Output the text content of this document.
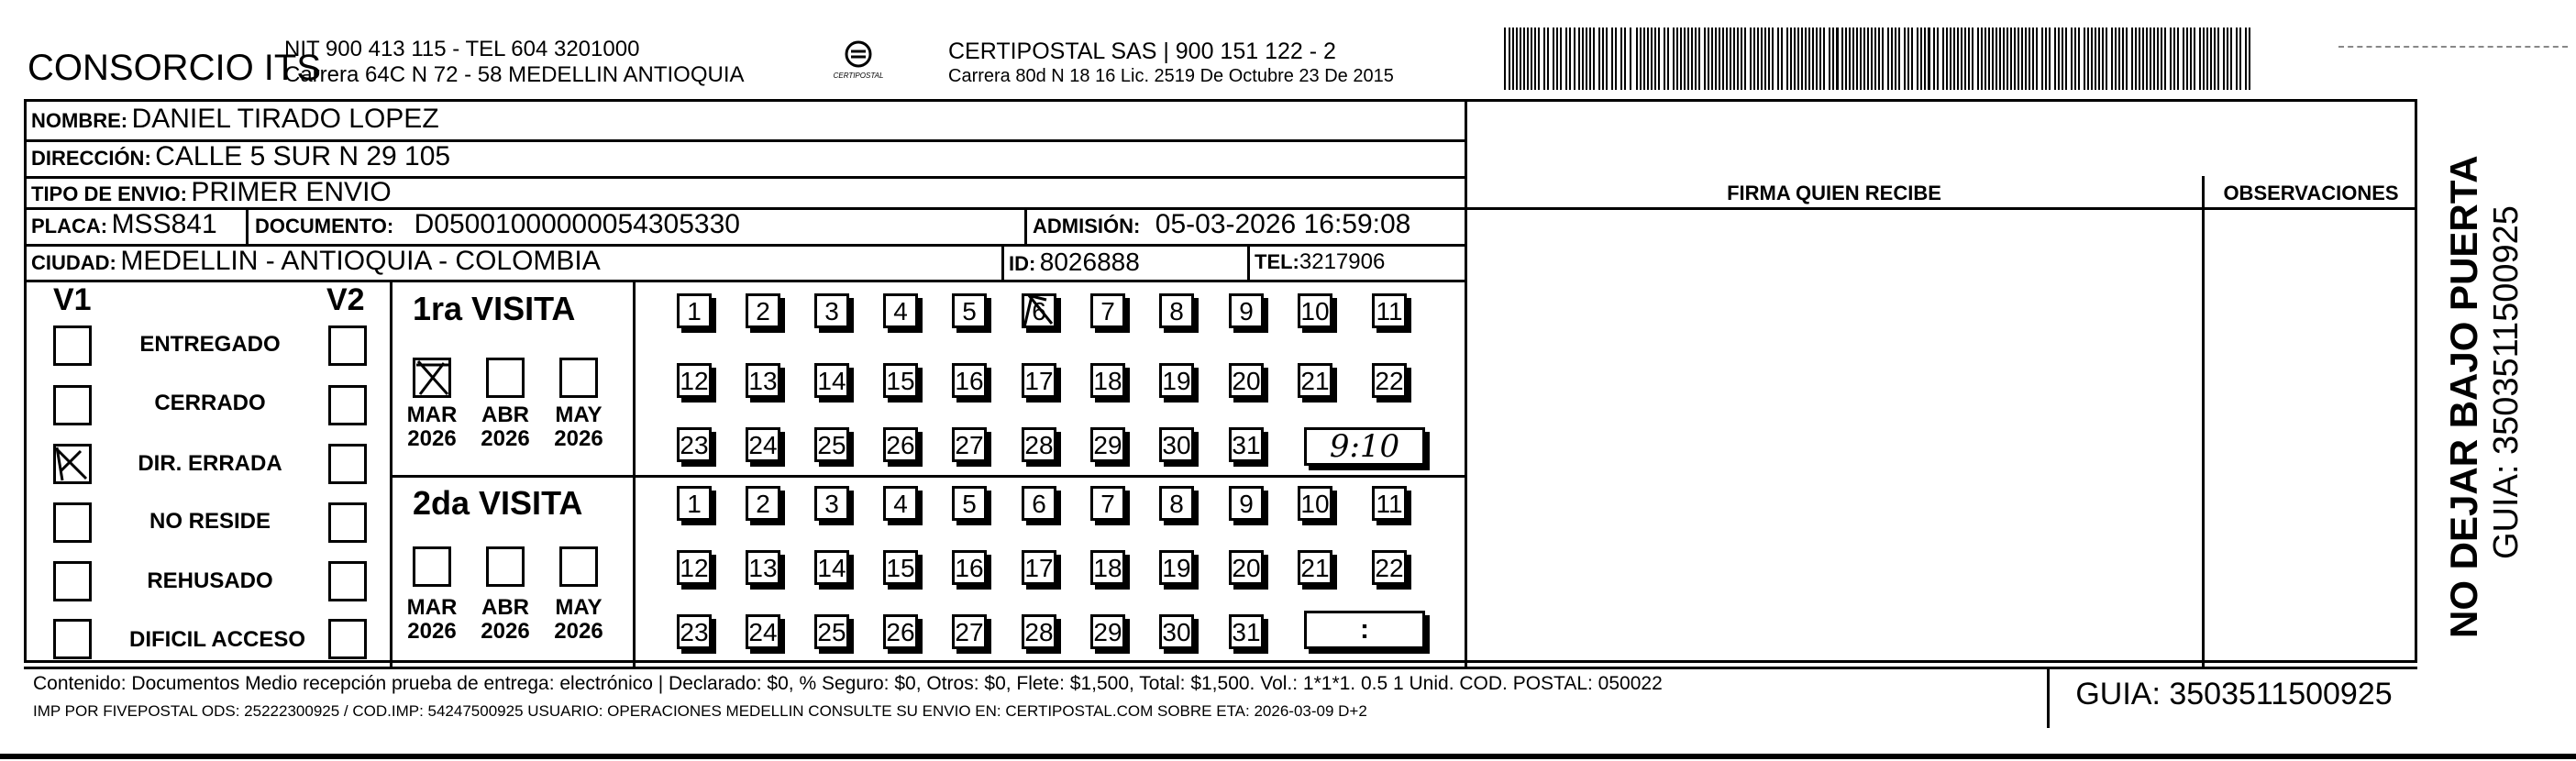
CONSORCIO ITS
NIT 900 413 115 - TEL 604 3201000
Carrera 64C N 72 - 58 MEDELLIN ANTIOQUIA	CERTIPOSTAL
CERTIPOSTAL SAS | 900 151 122 - 2
Carrera 80d N 18 16 Lic. 2519 De Octubre 23 De 2015
NOMBRE: DANIEL TIRADO LOPEZ
DIRECCIÓN: CALLE 5 SUR N 29 105
TIPO DE ENVIO: PRIMER ENVIO	FIRMA QUIEN RECIBE	OBSERVACIONES
PLACA: MSS841 DOCUMENTO: D05001000000054305330	ADMISIÓN: 05-03-2026 16:59:08
CIUDAD: MEDELLIN - ANTIOQUIA - COLOMBIA	ID: 8026888	TEL:3217906
V1	V2
ENTREGADO
CERRADO
DIR. ERRADA
NO RESIDE
REHUSADO
DIFICIL ACCESO
1ra VISITA
2da VISITA
MAR
2026
ABR
2026
MAY
2026
MAR
2026
ABR
2026
MAY
2026
1	2	3	4	5	6	7	8	9	10 11
12 13 14 15 16 17 18 19 20 21 22
23 24 25 26 27 28 29 30 31
1	2	3	4	5	6	7	8	9	10 11
12 13 14 15 16 17 18 19 20 21 22
23 24 25 26 27 28 29 30 31
9:10
:
Contenido: Documentos Medio recepción prueba de entrega: electrónico | Declarado: $0, % Seguro: $0, Otros: $0, Flete: $1,500, Total: $1,500. Vol.: 1*1*1. 0.5 1 Unid. COD. POSTAL: 050022
IMP POR FIVEPOSTAL ODS: 25222300925 / COD.IMP: 54247500925 USUARIO: OPERACIONES MEDELLIN CONSULTE SU ENVIO EN: CERTIPOSTAL.COM SOBRE ETA: 2026-03-09 D+2	GUIA: 3503511500925
NO DEJAR BAJO PUERTA GUIA: 3503511500925
